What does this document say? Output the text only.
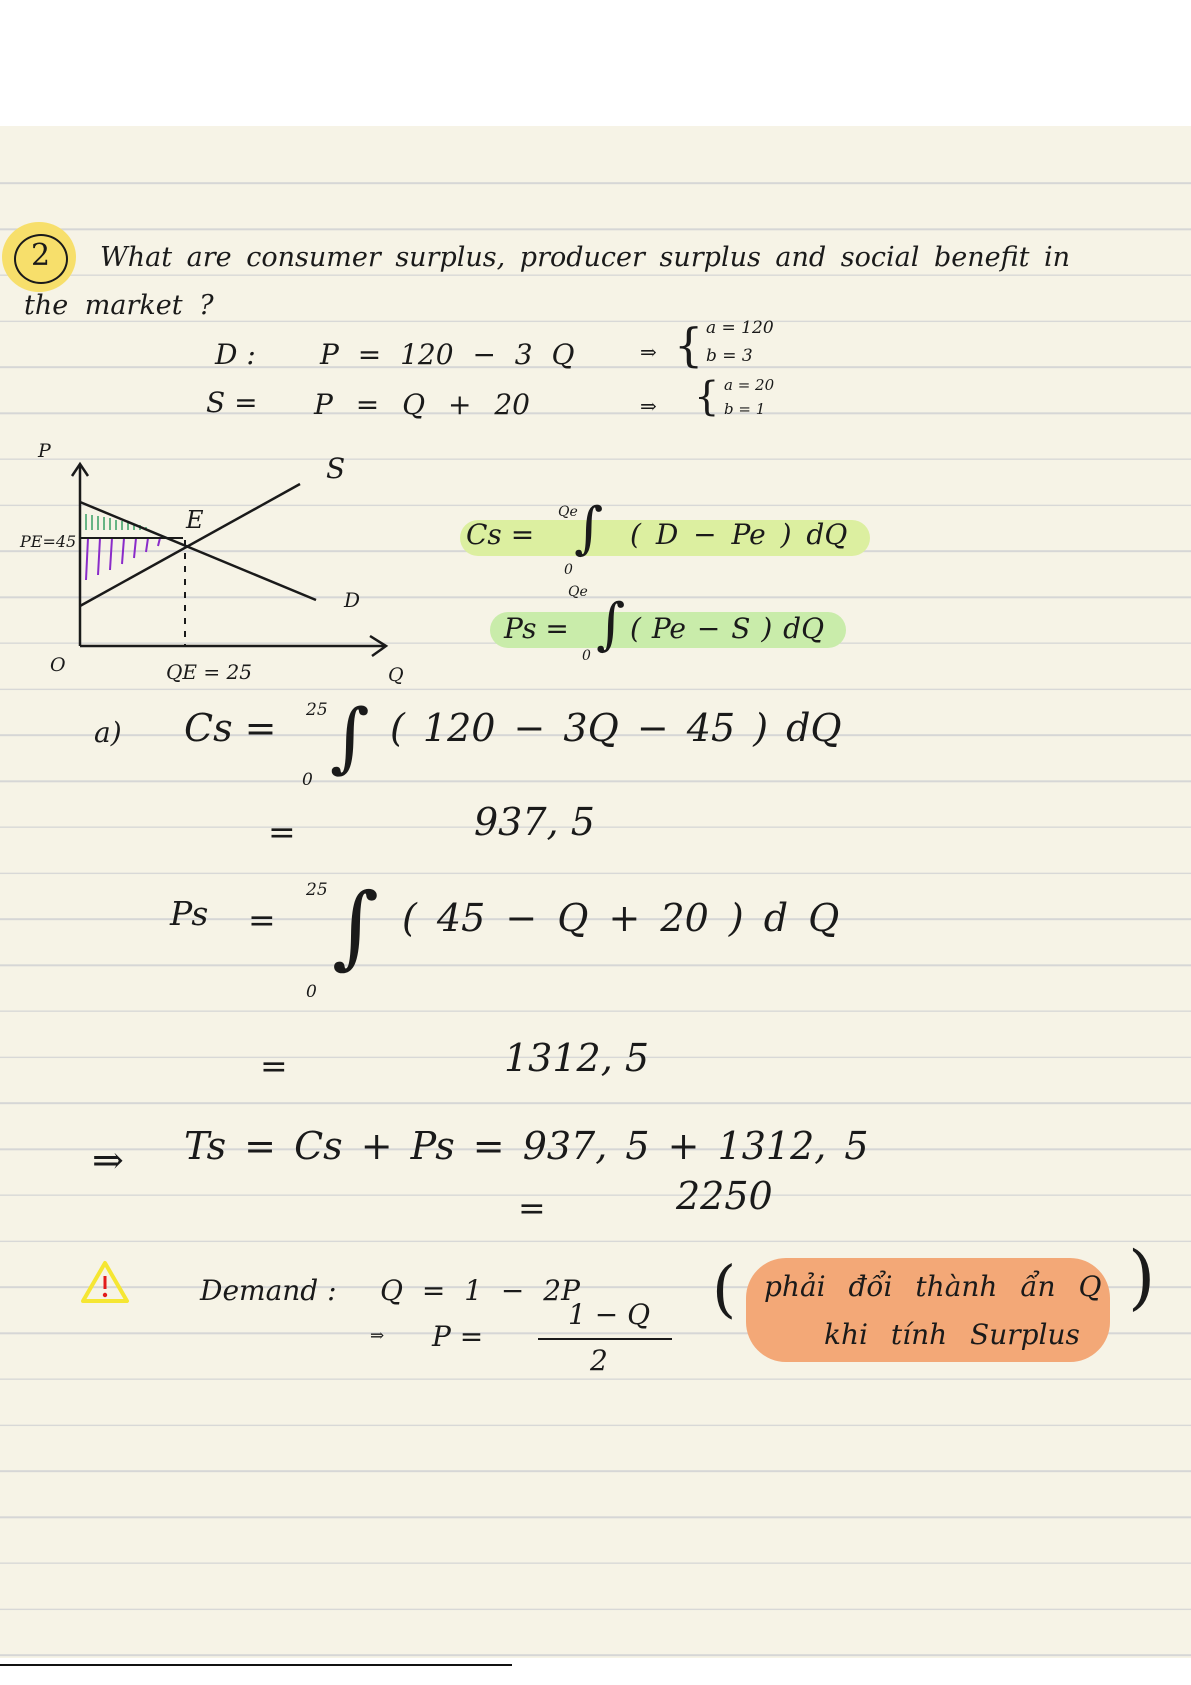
2 What are consumer surplus, producer surplus and social benefit in
the market ?
D : P = 120 − 3 Q	⇒ { a = 120
b = 3
S = P = Q + 20	⇒ { a = 20
b = 1
P
Q
O
S
D
E
PE=45
QE = 25
Cs =
Qe
∫
0
( D − Pe ) dQ
Ps =
Qe ∫
0
( Pe − S ) dQ
a) Cs = 25 ∫
0
( 120 − 3Q − 45 ) dQ
=	937, 5
Ps =
25 ∫
0
( 45 − Q + 20 ) d Q
=	1312, 5
⇒ Ts = Cs + Ps = 937, 5 + 1312, 5
=	2250
Demand : Q = 1 − 2P
⇒ P =
1 − Q
2
( phải đổi thành ẩn Q
khi tính Surplus
)
